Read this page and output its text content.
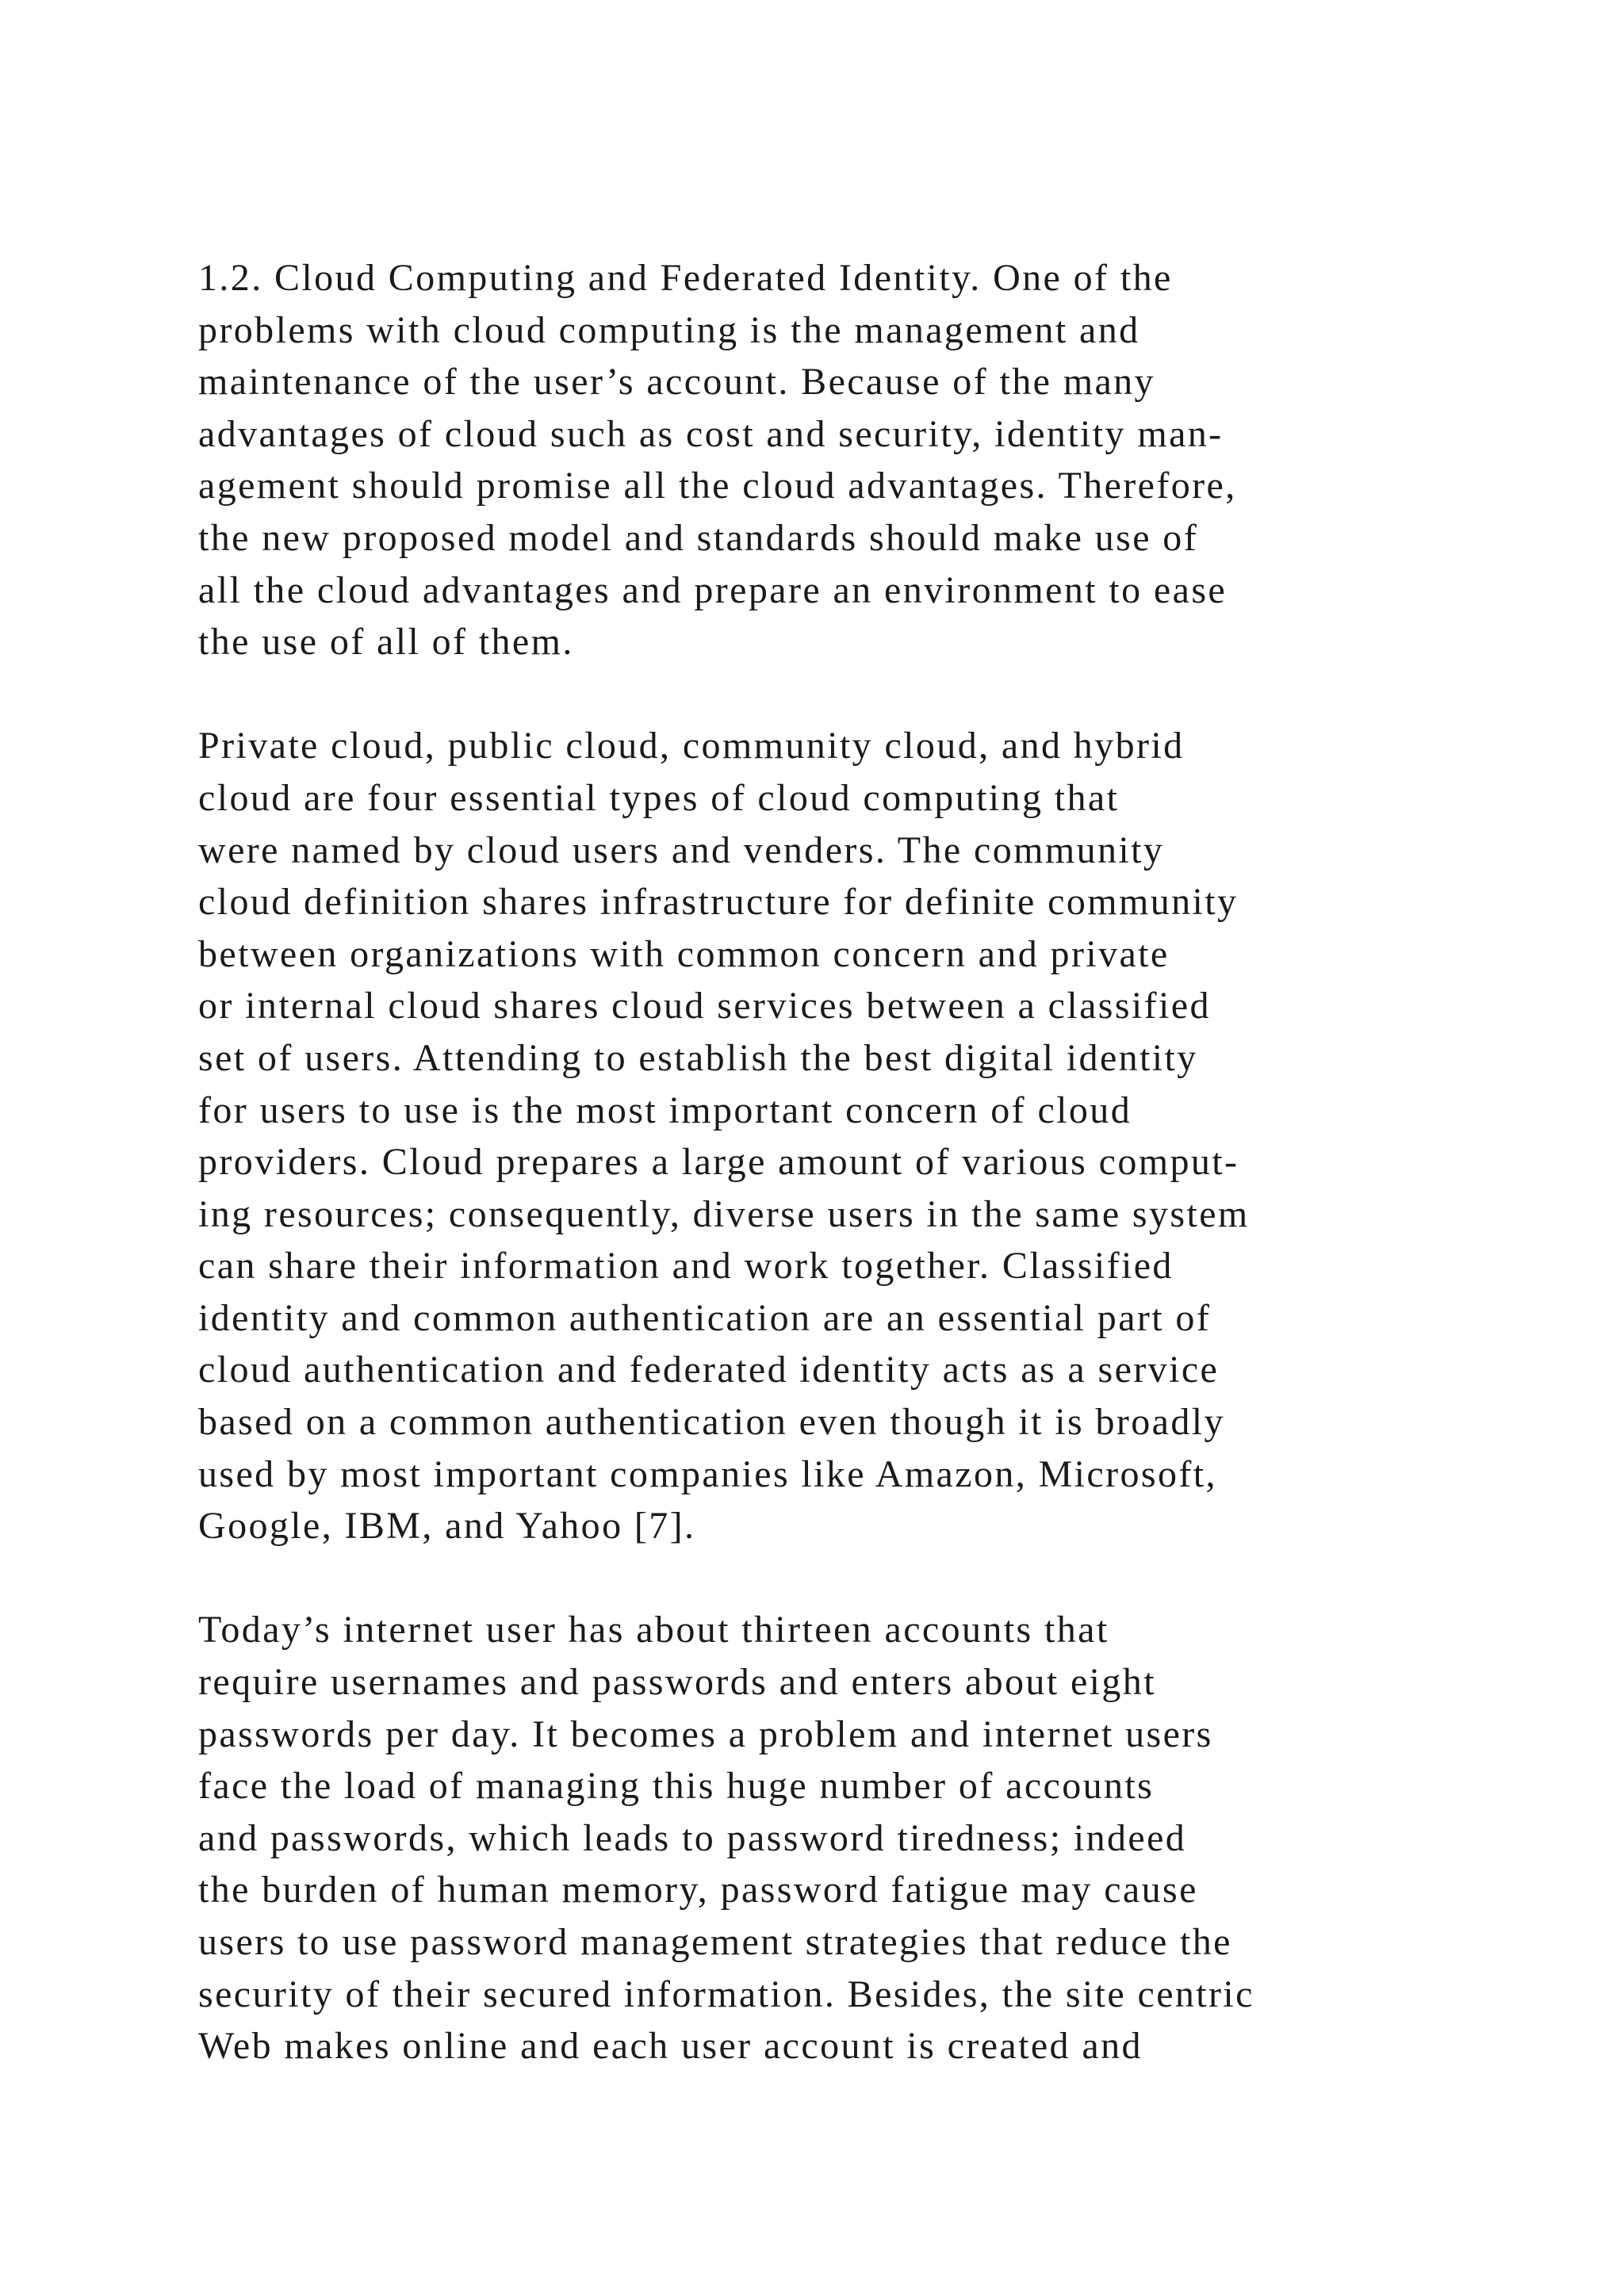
1.2. Cloud Computing and Federated Identity. One of the
problems with cloud computing is the management and
maintenance of the user’s account. Because of the many
advantages of cloud such as cost and security, identity man-
agement should promise all the cloud advantages. Therefore,
the new proposed model and standards should make use of
all the cloud advantages and prepare an environment to ease
the use of all of them.
Private cloud, public cloud, community cloud, and hybrid
cloud are four essential types of cloud computing that
were named by cloud users and venders. The community
cloud definition shares infrastructure for definite community
between organizations with common concern and private
or internal cloud shares cloud services between a classified
set of users. Attending to establish the best digital identity
for users to use is the most important concern of cloud
providers. Cloud prepares a large amount of various comput-
ing resources; consequently, diverse users in the same system
can share their information and work together. Classified
identity and common authentication are an essential part of
cloud authentication and federated identity acts as a service
based on a common authentication even though it is broadly
used by most important companies like Amazon, Microsoft,
Google, IBM, and Yahoo [7].
Today’s internet user has about thirteen accounts that
require usernames and passwords and enters about eight
passwords per day. It becomes a problem and internet users
face the load of managing this huge number of accounts
and passwords, which leads to password tiredness; indeed
the burden of human memory, password fatigue may cause
users to use password management strategies that reduce the
security of their secured information. Besides, the site centric
Web makes online and each user account is created and
